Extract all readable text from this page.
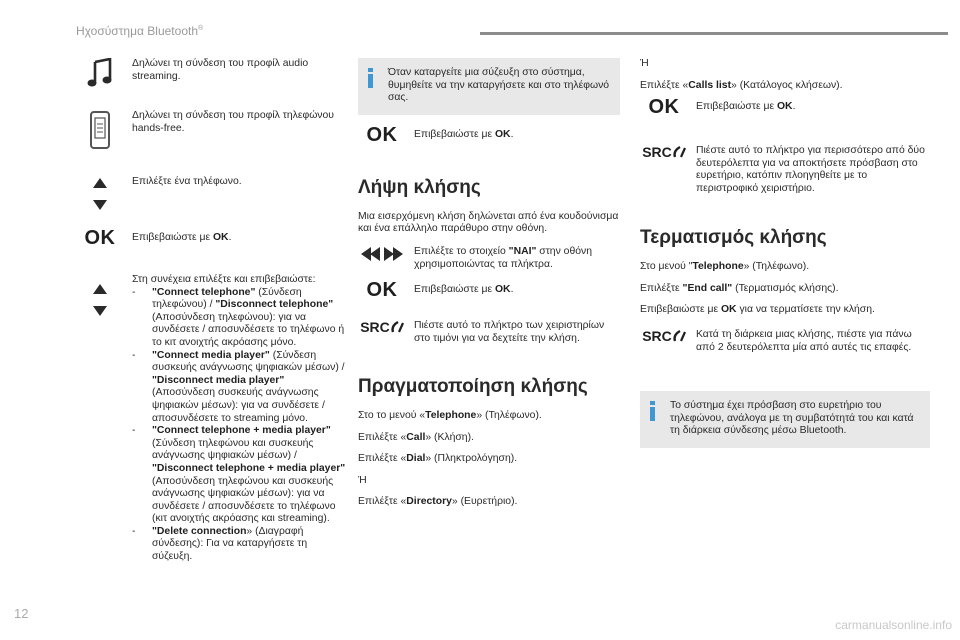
Ηχοσύστημα Bluetooth®
Δηλώνει τη σύνδεση του προφίλ audio streaming.
Δηλώνει τη σύνδεση του προφίλ τηλεφώνου hands-free.
Επιλέξτε ένα τηλέφωνο.
OK Επιβεβαιώστε με OK.
Στη συνέχεια επιλέξτε και επιβεβαιώστε:
- "Connect telephone" (Σύνδεση τηλεφώνου) / "Disconnect telephone" (Αποσύνδεση τηλεφώνου): για να συνδέσετε / αποσυνδέσετε το τηλέφωνο ή το κιτ ανοιχτής ακρόασης μόνο.
- "Connect media player" (Σύνδεση συσκευής ανάγνωσης ψηφιακών μέσων) / "Disconnect media player" (Αποσύνδεση συσκευής ανάγνωσης ψηφιακών μέσων): για να συνδέσετε / αποσυνδέσετε το streaming μόνο.
- "Connect telephone + media player" (Σύνδεση τηλεφώνου και συσκευής ανάγνωσης ψηφιακών μέσων) / "Disconnect telephone + media player" (Αποσύνδεση τηλεφώνου και συσκευής ανάγνωσης ψηφιακών μέσων): για να συνδέσετε / αποσυνδέσετε το τηλέφωνο (κιτ ανοιχτής ακρόασης και streaming).
- "Delete connection» (Διαγραφή σύνδεσης): Για να καταργήσετε τη σύζευξη.
Όταν καταργείτε μια σύζευξη στο σύστημα, θυμηθείτε να την καταργήσετε και στο τηλέφωνό σας.
OK Επιβεβαιώστε με OK.
Λήψη κλήσης

Μια εισερχόμενη κλήση δηλώνεται από ένα κουδούνισμα και ένα επάλληλο παράθυρο στην οθόνη.

Επιλέξτε το στοιχείο "NAI" στην οθόνη χρησιμοποιώντας τα πλήκτρα.
OK Επιβεβαιώστε με OK.
SRC Πιέστε αυτό το πλήκτρο των χειριστηρίων στο τιμόνι για να δεχτείτε την κλήση.
Πραγματοποίηση κλήσης

Στο το μενού «Telephone» (Τηλέφωνο).

Επιλέξτε «Call» (Κλήση).

Επιλέξτε «Dial» (Πληκτρολόγηση).

Ή

Επιλέξτε «Directory» (Ευρετήριο).

Ή

Επιλέξτε «Calls list» (Κατάλογος κλήσεων).

OK Επιβεβαιώστε με OK.
SRC Πιέστε αυτό το πλήκτρο για περισσότερο από δύο δευτερόλεπτα για να αποκτήσετε πρόσβαση στο ευρετήριο, κατόπιν πλοηγηθείτε με το περιστροφικό χειριστήριο.
Τερματισμός κλήσης

Στο μενού "Telephone» (Τηλέφωνο).

Επιλέξτε "End call" (Τερματισμός κλήσης).

Επιβεβαιώστε με OK για να τερματίσετε την κλήση.

SRC Κατά τη διάρκεια μιας κλήσης, πιέστε για πάνω από 2 δευτερόλεπτα μία από αυτές τις επαφές.
Το σύστημα έχει πρόσβαση στο ευρετήριο του τηλεφώνου, ανάλογα με τη συμβατότητά του και κατά τη διάρκεια σύνδεσης μέσω Bluetooth.
12
carmanualsonline.info
